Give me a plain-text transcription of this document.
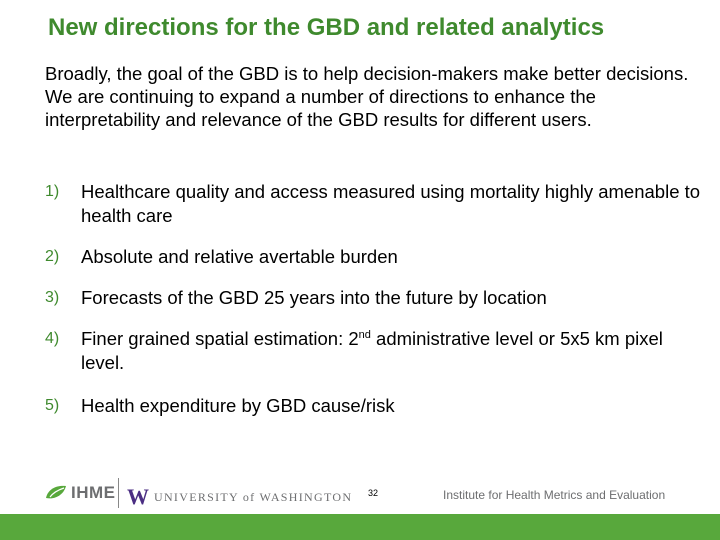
New directions for the GBD and related analytics
Broadly, the goal of the GBD is to help decision-makers make better decisions. We are continuing to expand a number of directions to enhance the interpretability and relevance of the GBD results for different users.
1)	Healthcare quality and access measured using mortality highly amenable to health care
2)	Absolute and relative avertable burden
3)	Forecasts of the GBD 25 years into the future by location
4)	Finer grained spatial estimation: 2nd administrative level or 5x5 km pixel level.
5)	Health expenditure by GBD cause/risk
IHME W UNIVERSITY of WASHINGTON 32	Institute for Health Metrics and Evaluation
